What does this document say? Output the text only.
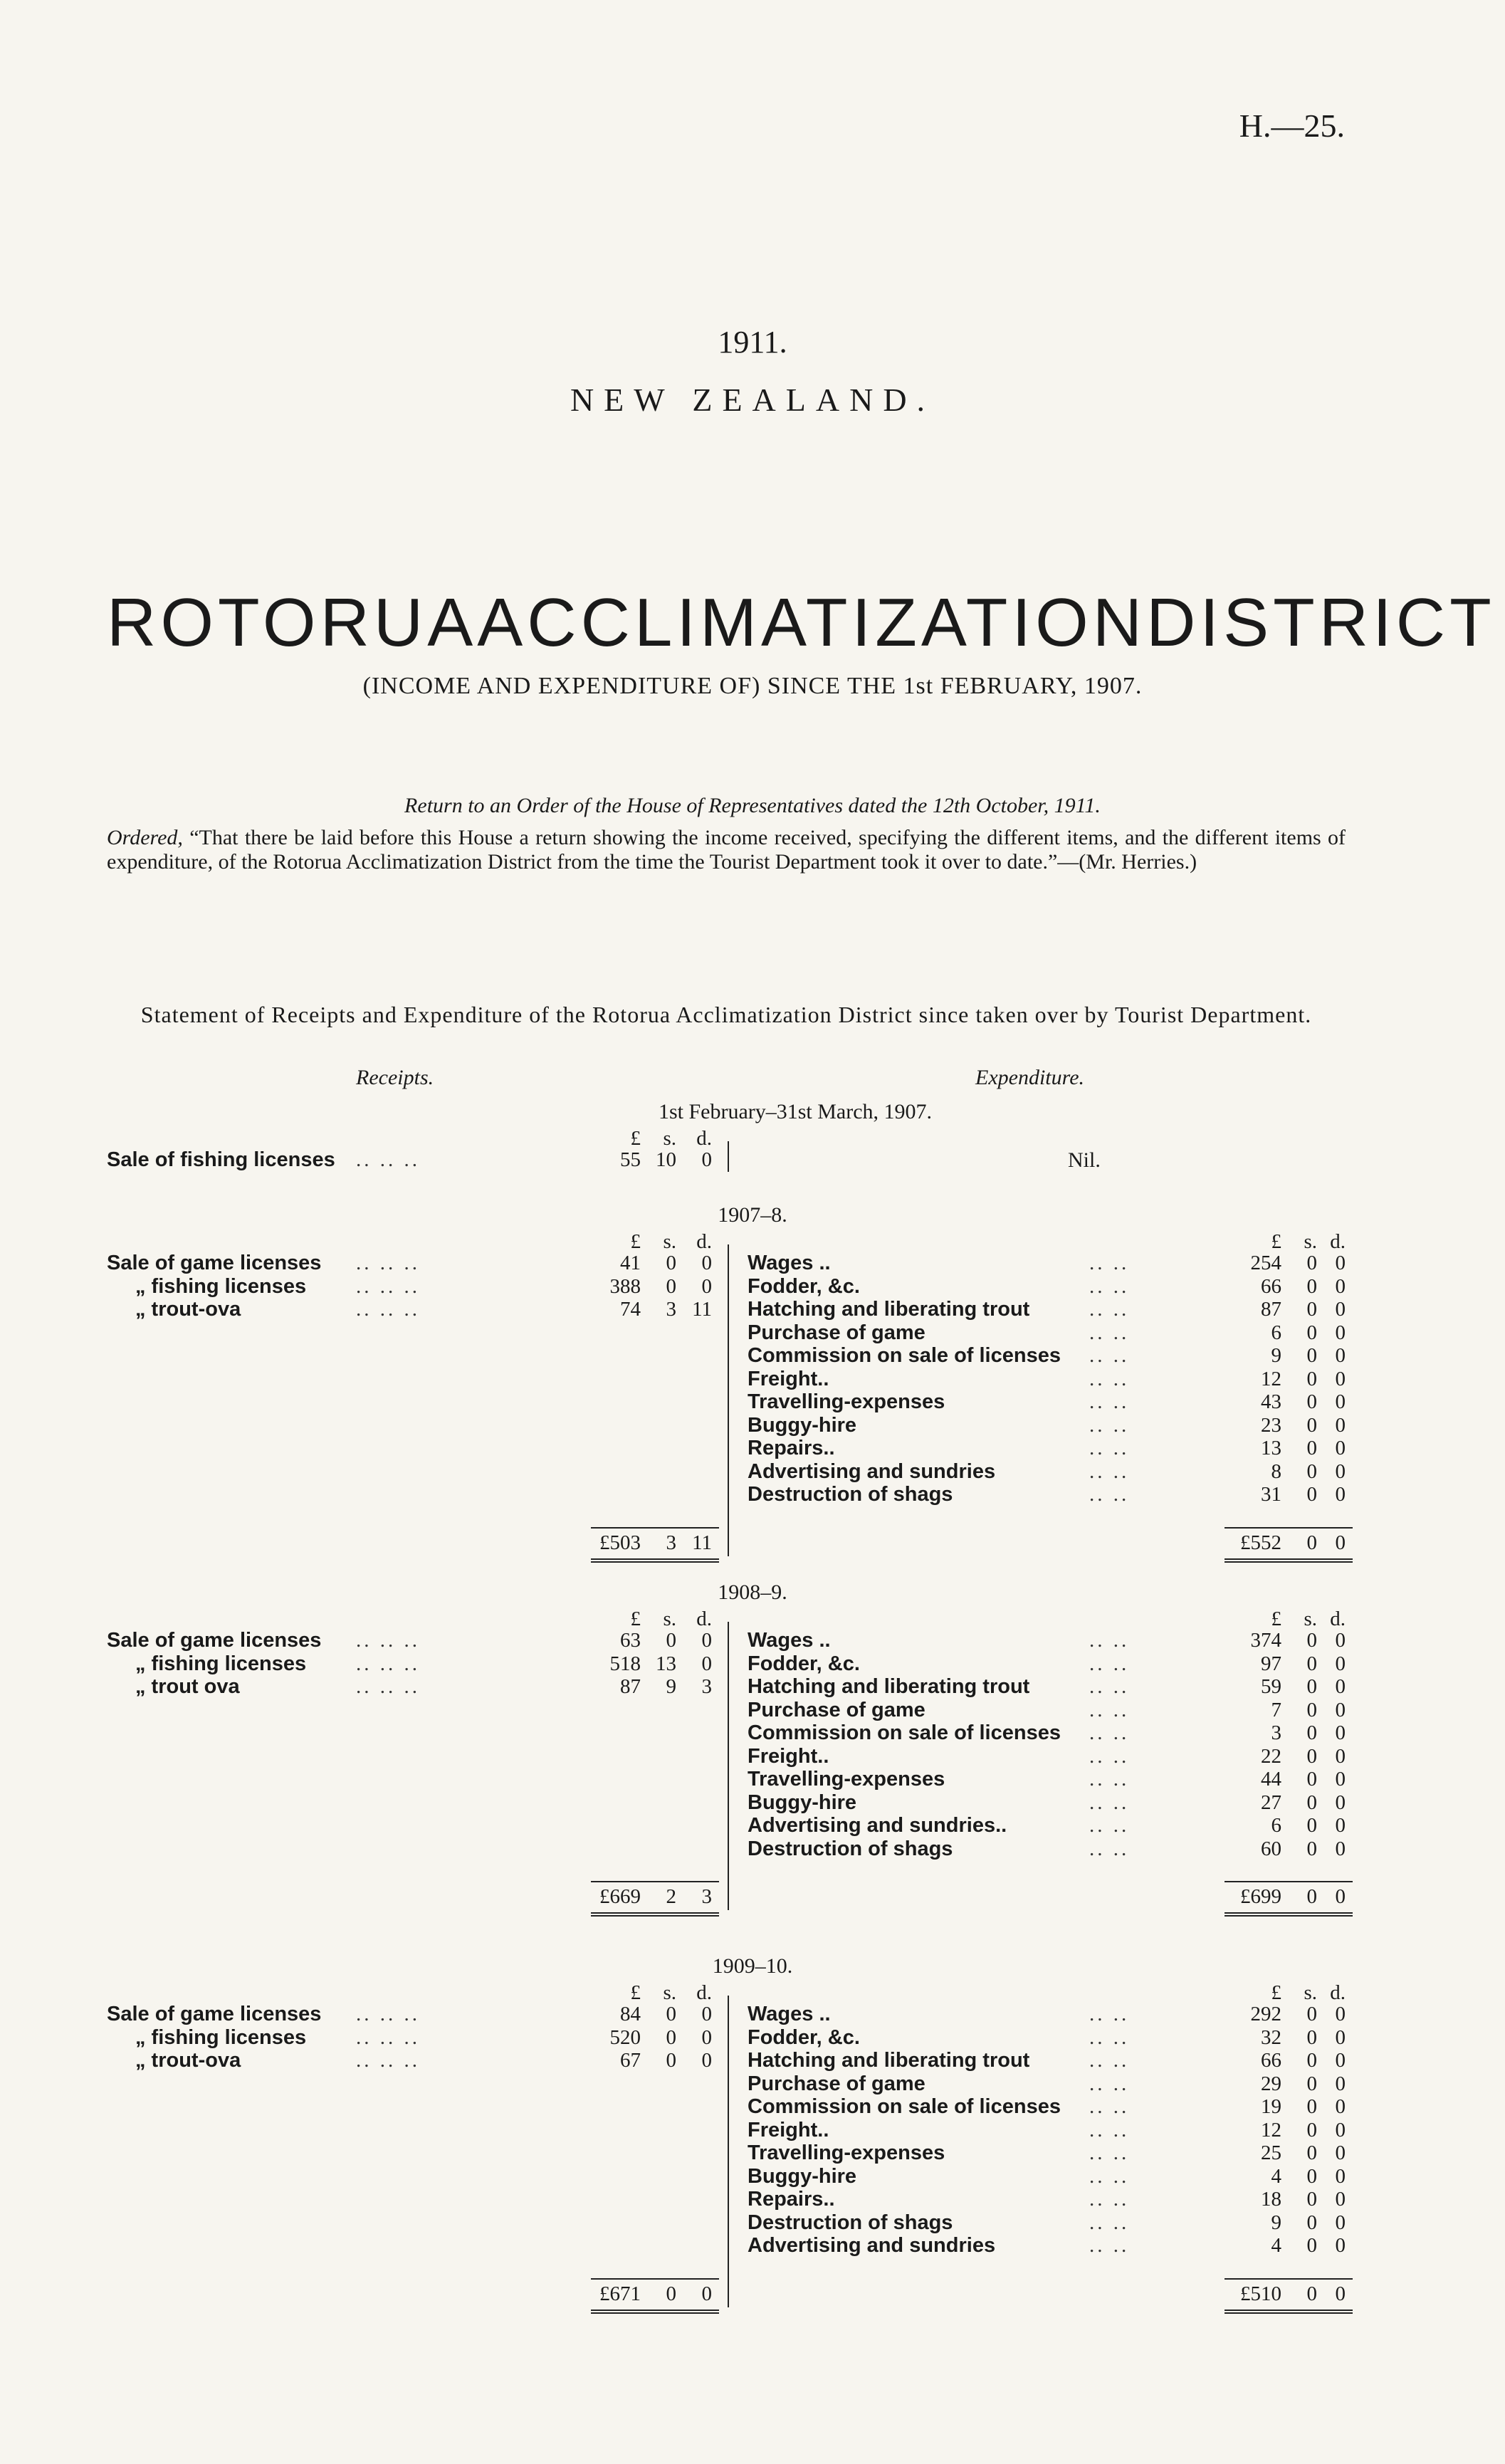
H.—25.
1911.
NEW ZEALAND.
ROTORUA ACCLIMATIZATION DISTRICT
(INCOME AND EXPENDITURE OF) SINCE THE 1st FEBRUARY, 1907.
Return to an Order of the House of Representatives dated the 12th October, 1911.
Ordered, “That there be laid before this House a return showing the income received, specifying the different items, and the different items of expenditure, of the Rotorua Acclimatization District from the time the Tourist Department took it over to date.”—(Mr. Herries.)
Statement of Receipts and Expenditure of the Rotorua Acclimatization District since taken over by Tourist Department.
Receipts.	Expenditure.
1st February–31st March, 1907.
£	s. d.
Sale of fishing licenses .. .. ..	55 10	0	Nil.
1907–8.
£	s. d.	£	s. d.
Sale of game licenses .. .. ..	41	0	0
„ fishing licenses .. .. ..	388	0	0
„ trout-ova	.. .. ..	74	3 11
Wages ..	.. ..	254	0 0
Fodder, &c.	.. ..	66	0 0
Hatching and liberating trout	.. ..	87	0 0
Purchase of game	.. ..	6	0 0
Commission on sale of licenses .. ..	9	0 0
Freight..	.. ..	12	0 0
Travelling-expenses	.. ..	43	0 0
Buggy-hire	.. ..	23	0 0
Repairs..	.. ..	13	0 0
Advertising and sundries	.. ..	8	0 0
Destruction of shags	.. ..	31	0 0
£503	3 11	£552	0 0
1908–9.
£	s. d.	£	s. d.
Sale of game licenses .. .. ..	63	0	0
„ fishing licenses .. .. ..	518 13	0
„ trout ova	.. .. ..	87	9	3
Wages ..	.. ..	374	0 0
Fodder, &c.	.. ..	97	0 0
Hatching and liberating trout	.. ..	59	0 0
Purchase of game	.. ..	7	0 0
Commission on sale of licenses .. ..	3	0 0
Freight..	.. ..	22	0 0
Travelling-expenses	.. ..	44	0 0
Buggy-hire	.. ..	27	0 0
Advertising and sundries..	.. ..	6	0 0
Destruction of shags	.. ..	60	0 0
£669	2	3	£699	0 0
1909–10.
£	s. d.	£	s. d.
Sale of game licenses .. .. ..	84	0	0
„ fishing licenses .. .. ..	520	0	0
„ trout-ova	.. .. ..	67	0	0
Wages ..	.. ..	292	0 0
Fodder, &c.	.. ..	32	0 0
Hatching and liberating trout	.. ..	66	0 0
Purchase of game	.. ..	29	0 0
Commission on sale of licenses .. ..	19	0 0
Freight..	.. ..	12	0 0
Travelling-expenses	.. ..	25	0 0
Buggy-hire	.. ..	4	0 0
Repairs..	.. ..	18	0 0
Destruction of shags	.. ..	9	0 0
Advertising and sundries	.. ..	4	0 0
£671	0	0	£510	0 0
